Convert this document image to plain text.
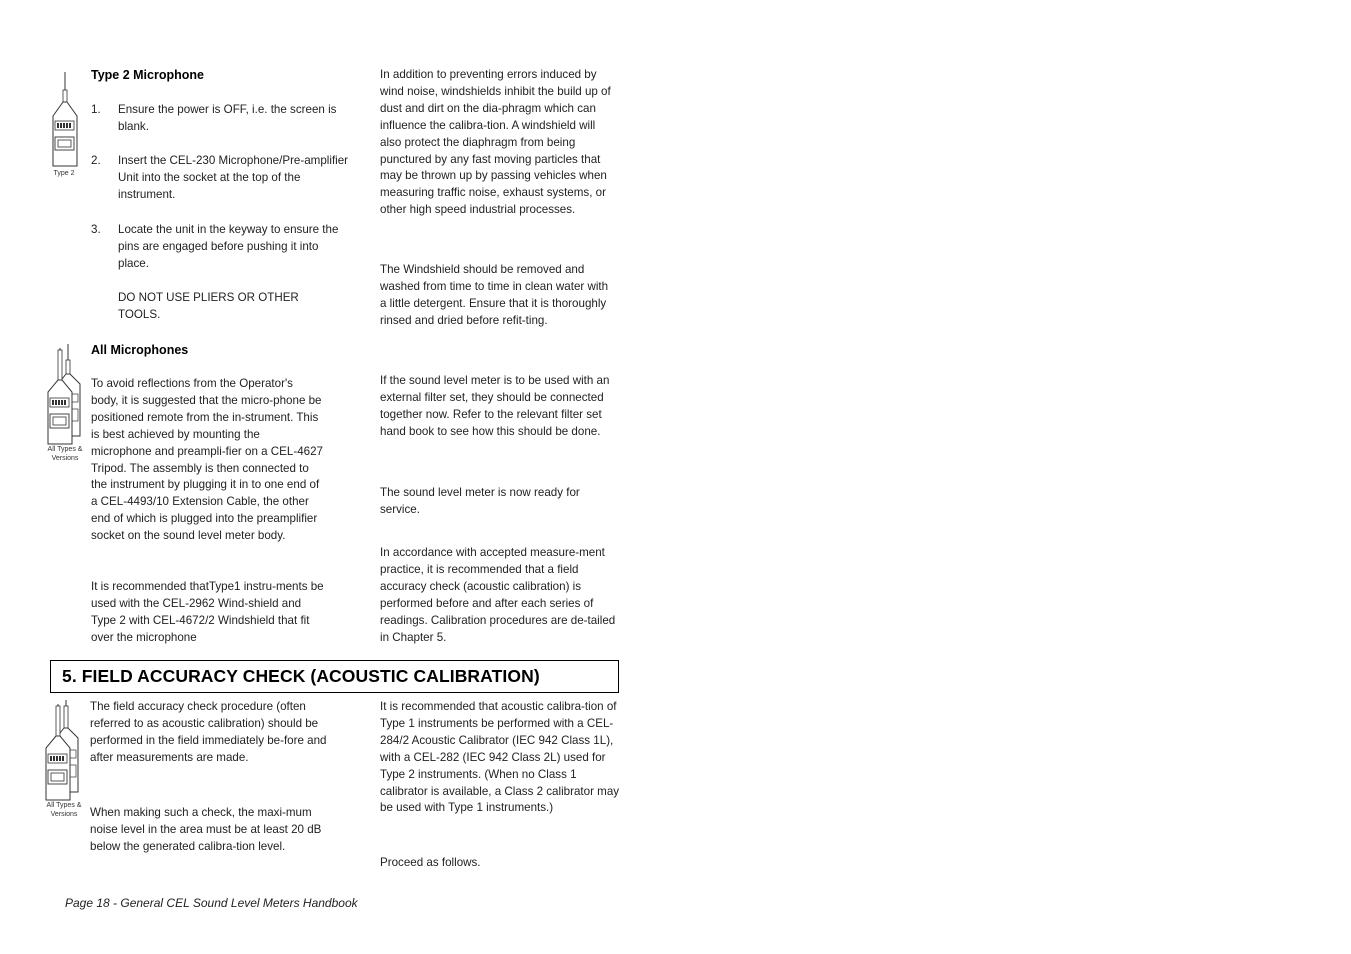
Type 2
Type 2 Microphone
1. Ensure the power is OFF, i.e. the screen is blank.
2. Insert the CEL-230 Microphone/Pre-amplifier Unit into the socket at the top of the instrument.
3. Locate the unit in the keyway to ensure the pins are engaged before pushing it into place.
DO NOT USE PLIERS OR OTHER TOOLS.
All Types & Versions
All Microphones
To avoid reflections from the Operator's body, it is suggested that the micro-phone be positioned remote from the in-strument. This is best achieved by mounting the microphone and preampli-fier on a CEL-4627 Tripod. The assembly is then connected to the instrument by plugging it in to one end of a CEL-4493/10 Extension Cable, the other end of which is plugged into the preamplifier socket on the sound level meter body.
It is recommended thatType1 instru-ments be used with the CEL-2962 Wind-shield and Type 2 with CEL-4672/2 Windshield that fit over the microphone
In addition to preventing errors induced by wind noise, windshields inhibit the build up of dust and dirt on the dia-phragm which can influence the calibra-tion. A windshield will also protect the diaphragm from being punctured by any fast moving particles that may be thrown up by passing vehicles when measuring traffic noise, exhaust systems, or other high speed industrial processes.
The Windshield should be removed and washed from time to time in clean water with a little detergent. Ensure that it is thoroughly rinsed and dried before refit-ting.
If the sound level meter is to be used with an external filter set, they should be connected together now. Refer to the relevant filter set hand book to see how this should be done.
The sound level meter is now ready for service.
In accordance with accepted measure-ment practice, it is recommended that a field accuracy check (acoustic calibration) is performed before and after each series of readings. Calibration procedures are de-tailed in Chapter 5.
5. FIELD ACCURACY CHECK (ACOUSTIC CALIBRATION)
All Types & Versions
The field accuracy check procedure (often referred to as acoustic calibration) should be performed in the field immediately be-fore and after measurements are made.
When making such a check, the maxi-mum noise level in the area must be at least 20 dB below the generated calibra-tion level.
It is recommended that acoustic calibra-tion of Type 1 instruments be performed with a CEL-284/2 Acoustic Calibrator (IEC 942 Class 1L), with a CEL-282 (IEC 942 Class 2L) used for Type 2 instruments. (When no Class 1 calibrator is available, a Class 2 calibrator may be used with Type 1 instruments.)
Proceed as follows.
Page 18 - General CEL Sound Level Meters Handbook
